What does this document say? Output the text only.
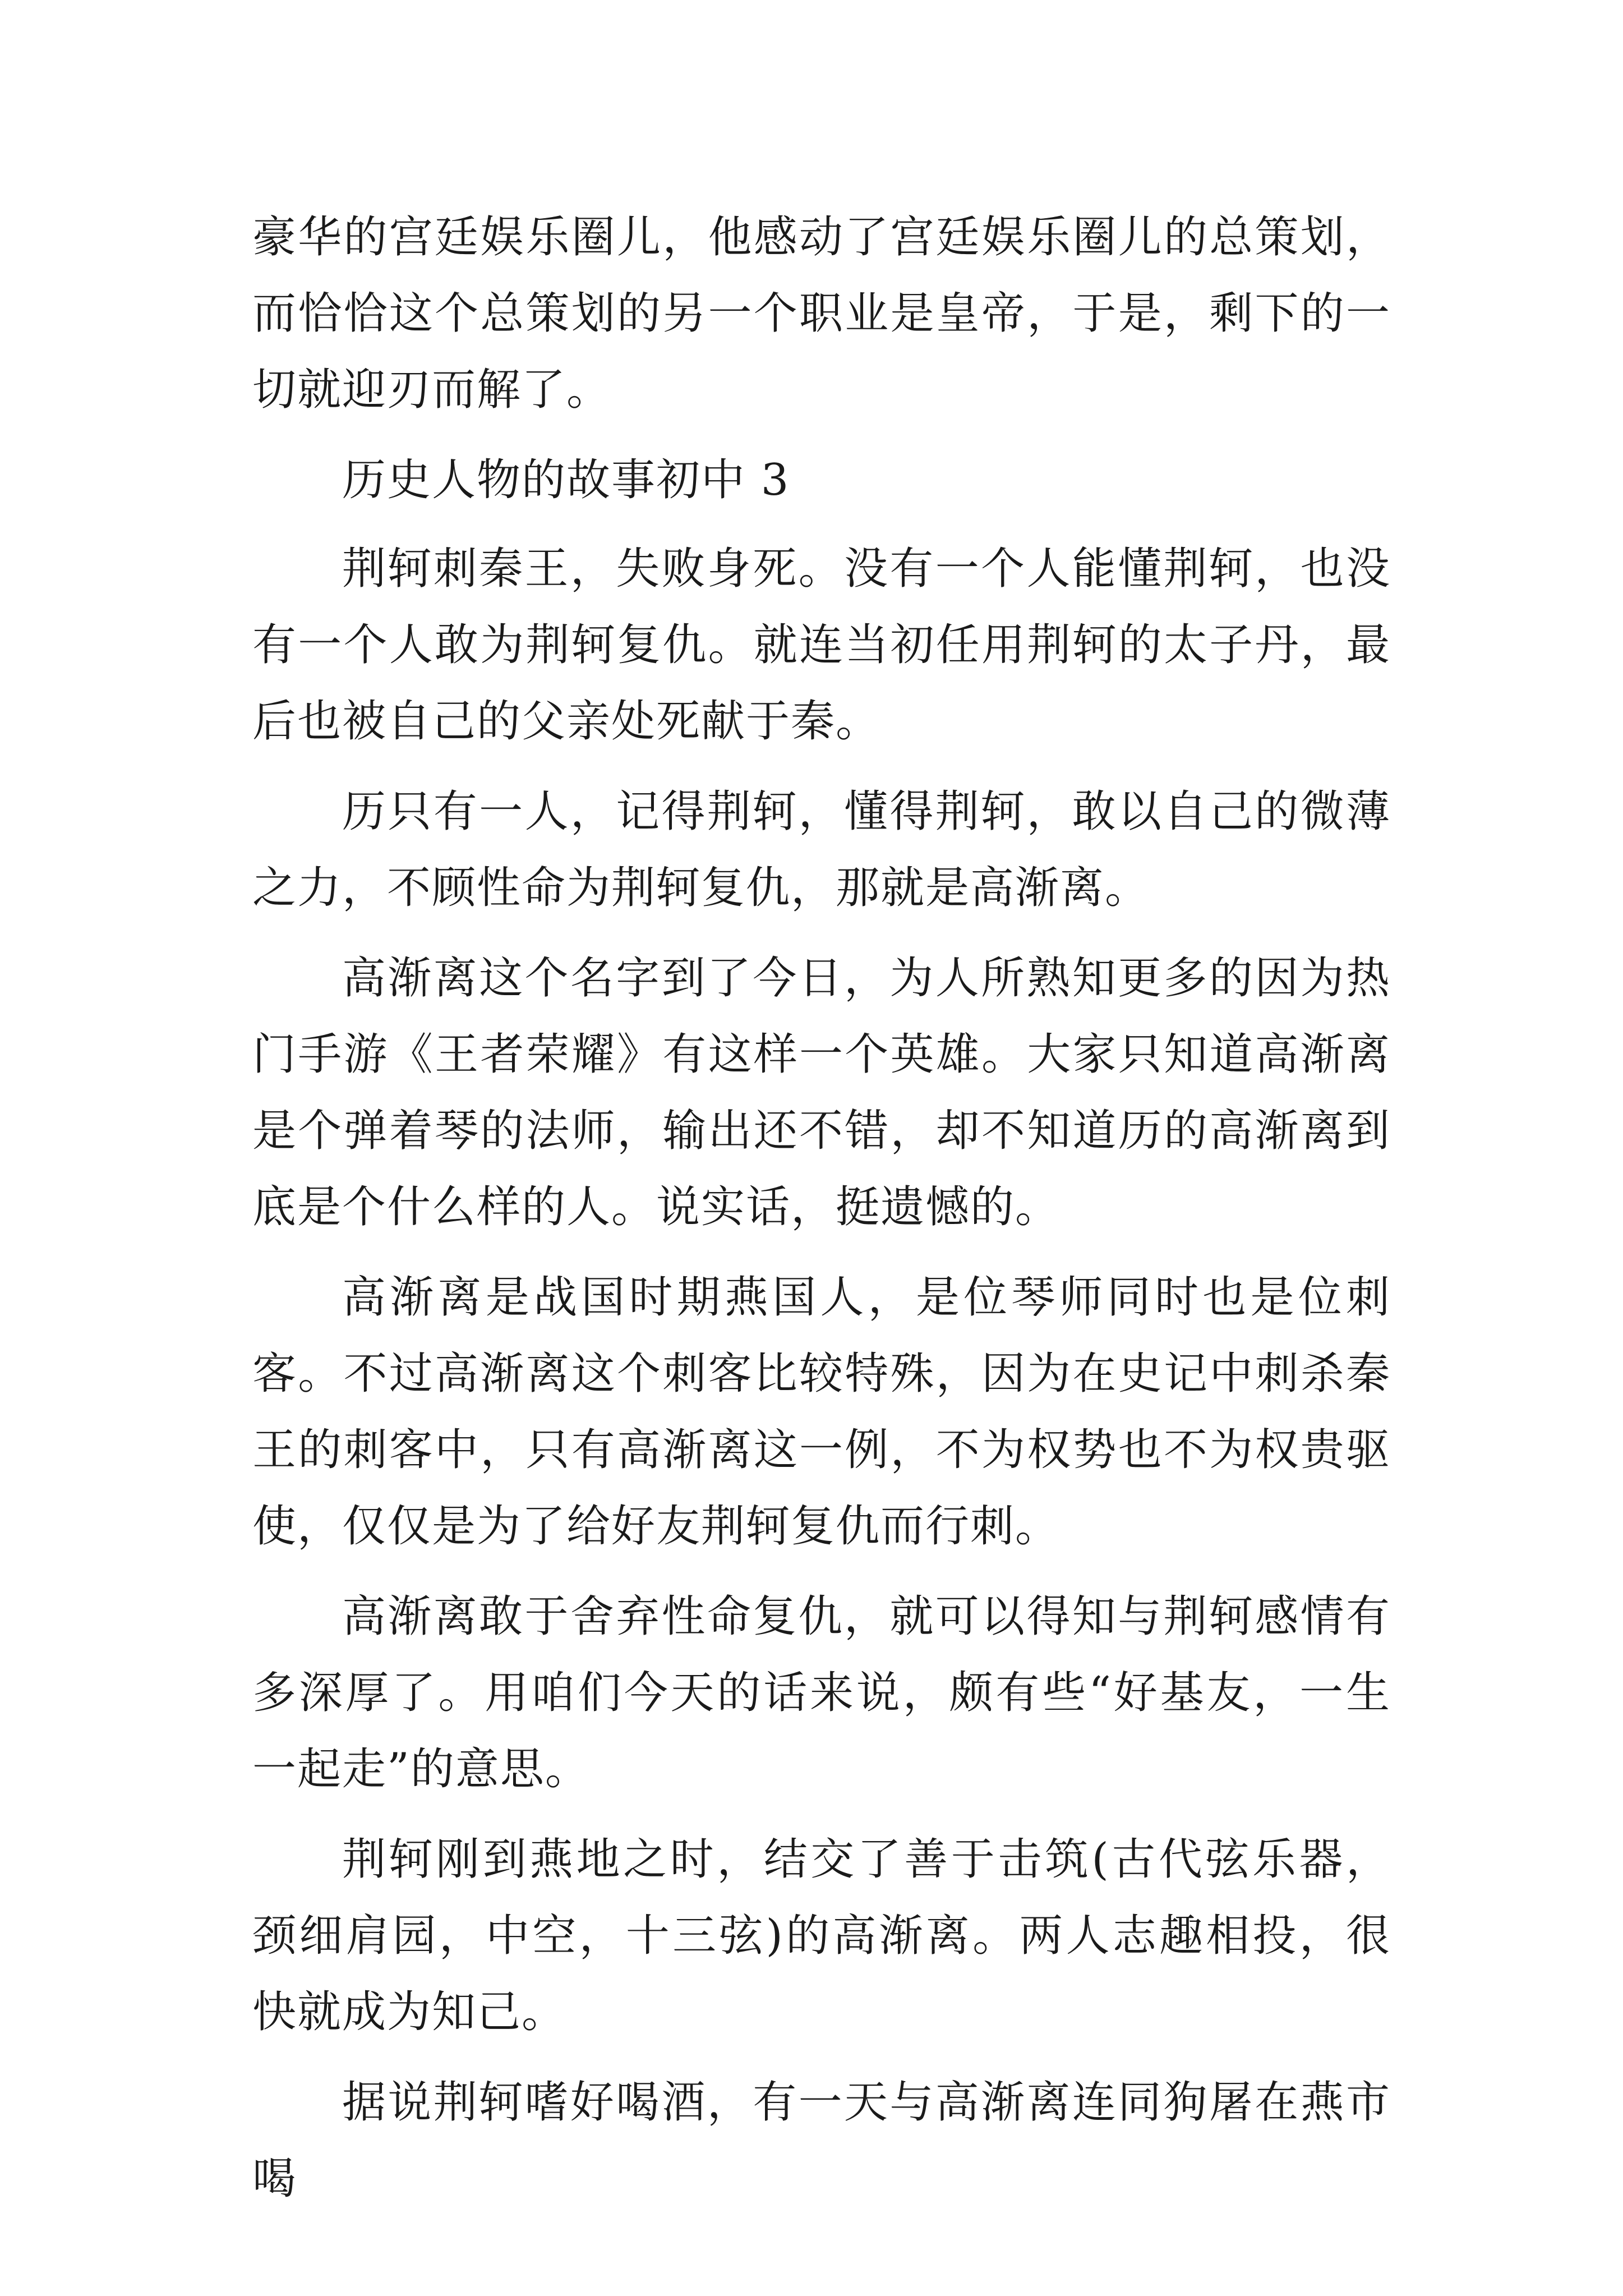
豪华的宫廷娱乐圈儿，他感动了宫廷娱乐圈儿的总策划，而恰恰这个总策划的另一个职业是皇帝，于是，剩下的一切就迎刃而解了。

历史人物的故事初中 3

荆轲刺秦王，失败身死。没有一个人能懂荆轲，也没有一个人敢为荆轲复仇。就连当初任用荆轲的太子丹，最后也被自己的父亲处死献于秦。

历只有一人，记得荆轲，懂得荆轲，敢以自己的微薄之力，不顾性命为荆轲复仇，那就是高渐离。

高渐离这个名字到了今日，为人所熟知更多的因为热门手游《王者荣耀》有这样一个英雄。大家只知道高渐离是个弹着琴的法师，输出还不错，却不知道历的高渐离到底是个什么样的人。说实话，挺遗憾的。

高渐离是战国时期燕国人，是位琴师同时也是位刺客。不过高渐离这个刺客比较特殊，因为在史记中刺杀秦王的刺客中，只有高渐离这一例，不为权势也不为权贵驱使，仅仅是为了给好友荆轲复仇而行刺。

高渐离敢于舍弃性命复仇，就可以得知与荆轲感情有多深厚了。用咱们今天的话来说，颇有些“好基友，一生一起走”的意思。

荆轲刚到燕地之时，结交了善于击筑(古代弦乐器，颈细肩园，中空，十三弦)的高渐离。两人志趣相投，很快就成为知己。

据说荆轲嗜好喝酒，有一天与高渐离连同狗屠在燕市喝
